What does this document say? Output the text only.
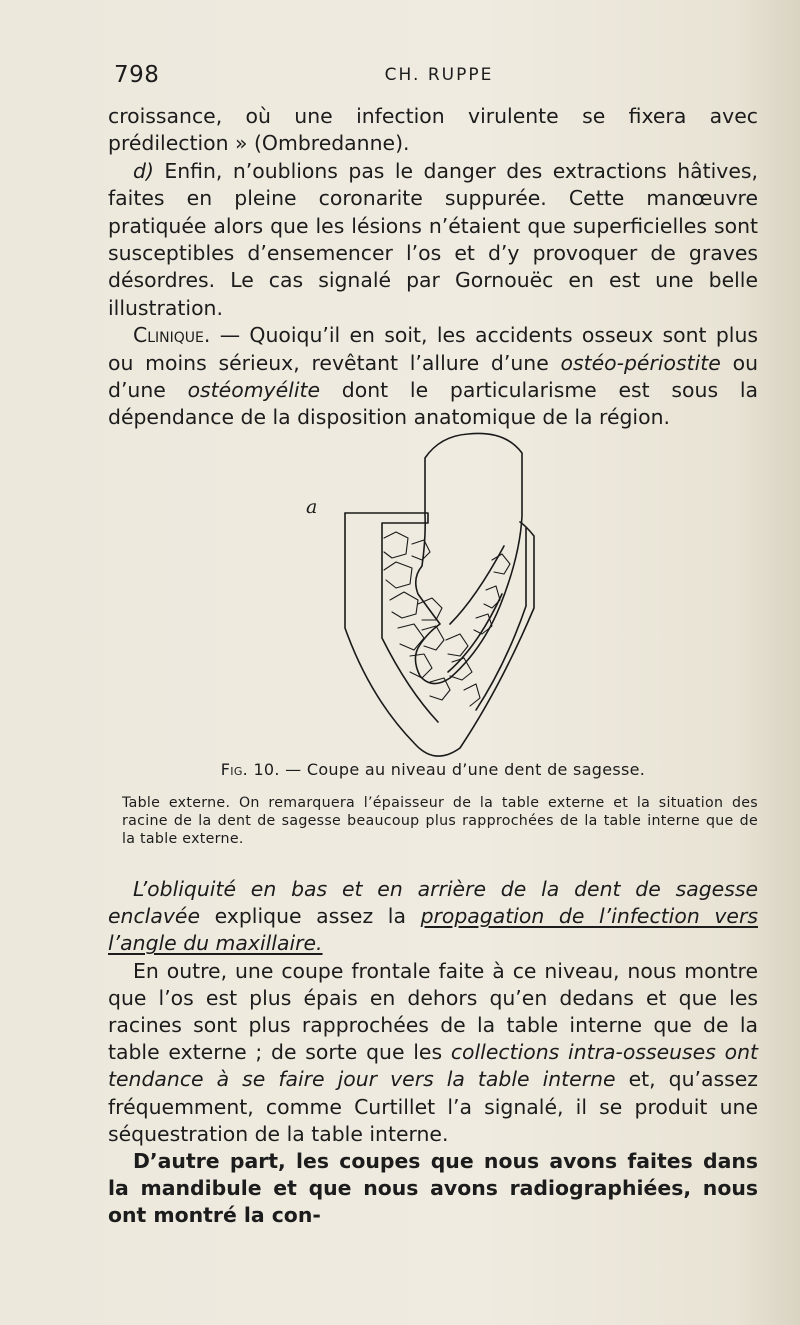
798	CH. RUPPE

croissance, où une infection virulente se fixera avec prédilection » (Ombredanne).

d) Enfin, n’oublions pas le danger des extractions hâtives, faites en pleine coronarite suppurée. Cette manœuvre pratiquée alors que les lésions n’étaient que superficielles sont susceptibles d’ensemencer l’os et d’y provoquer de graves désordres. Le cas signalé par Gornouëc en est une belle illustration.

Clinique. — Quoiqu’il en soit, les accidents osseux sont plus ou moins sérieux, revêtant l’allure d’une ostéo-périostite ou d’une ostéomyélite dont le particularisme est sous la dépendance de la disposition anatomique de la région.

a
Fig. 10. — Coupe au niveau d’une dent de sagesse.
Table externe. On remarquera l’épaisseur de la table externe et la situation des racine de la dent de sagesse beaucoup plus rapprochées de la table interne que de la table externe.

L’obliquité en bas et en arrière de la dent de sagesse enclavée explique assez la propagation de l’infection vers l’angle du maxillaire.

En outre, une coupe frontale faite à ce niveau, nous montre que l’os est plus épais en dehors qu’en dedans et que les racines sont plus rapprochées de la table interne que de la table externe ; de sorte que les collections intra-osseuses ont tendance à se faire jour vers la table interne et, qu’assez fréquemment, comme Curtillet l’a signalé, il se produit une séquestration de la table interne.

D’autre part, les coupes que nous avons faites dans la mandibule et que nous avons radiographiées, nous ont montré la con-
